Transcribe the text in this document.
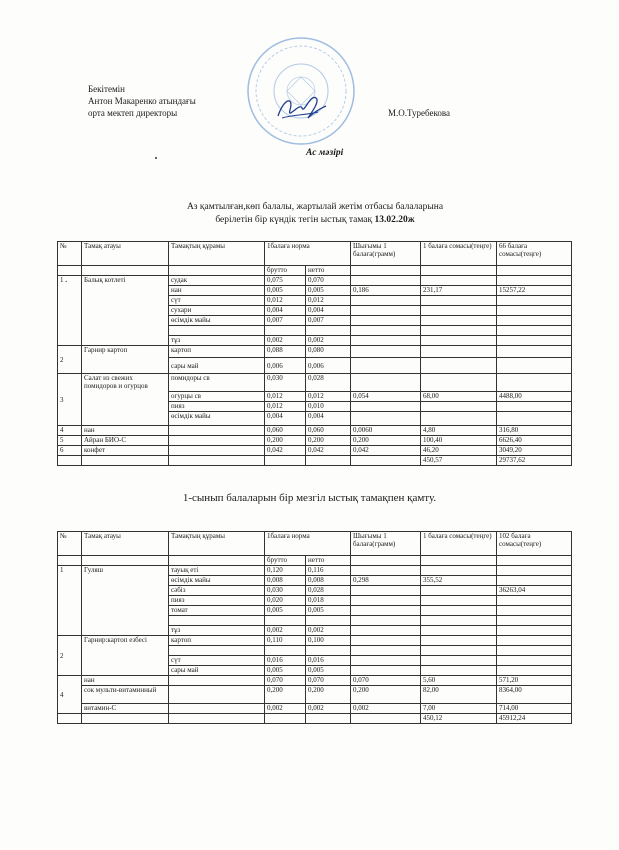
Бекітемін
Антон Макаренко атындағы
орта мектеп директоры	М.О.Туребекова
Ас мәзірі
Аз қамтылған,көп балалы, жартылай жетім отбасы балаларына
берілетін бір күндік тегін ыстық тамақ 13.02.20ж
№	Тамақ атауы	Тамақтың құрамы	1балаға норма		Шығымы 1 балаға(грамм)	1 балаға сомасы(теңге)	66 балаға сомасы(теңге)
			брутто	нетто			
1 .	Балық котлеті	судак	0,075	0,070			
		нан	0,005	0,005	0,186	231,17	15257,22
		сүт	0,012	0,012			
		сухари	0,004	0,004			
		өсімдік майы	0,007	0,007			

		тұз	0,002	0,002			
2	Гарнир картоп	картоп	0,088	0,080			
		сары май	0,006	0,006			
3	Салат из свежих помидоров и огурцов	помидоры св	0,030	0,028			
		огурцы св	0,012	0,012	0,054	68,00	4488,00
		пияз	0,012	0,010			
		өсімдік майы	0,004	0,004			
4	нан		0,060	0,060	0,0060	4,80	316,80
5	Айран БИО-С		0,200	0,200	0,200	100,40	6626,40
6	конфет		0,042	0,042	0,042	46,20	3049,20
						450,57	29737,62
1-сынып балаларын бір мезгіл ыстық тамақпен қамту.
№	Тамақ атауы	Тамақтың құрамы	1балаға норма		Шығымы 1 балаға(грамм)	1 балаға сомасы(теңге)	102 балаға сомасы(теңге)
			брутто	нетто			
1	Гуляш	тауық еті	0,120	0,116			
		өсімдік майы	0,008	0,008	0,298	355,52	
		сәбіз	0,030	0,028			36263,04
		пияз	0,020	0,018			
		томат	0,005	0,005			

		тұз	0,002	0,002			
2	Гарнир:картоп езбесі	картоп	0,110	0,100			

		сүт	0,016	0,016			
		сары май	0,005	0,005			
4	нан		0,070	0,070	0,070	5,60	571,20
	сок мульти-витаминный		0,200	0,200	0,200	82,00	8364,00
	витамин-С		0,002	0,002	0,002	7,00	714,00
						450,12	45912,24
